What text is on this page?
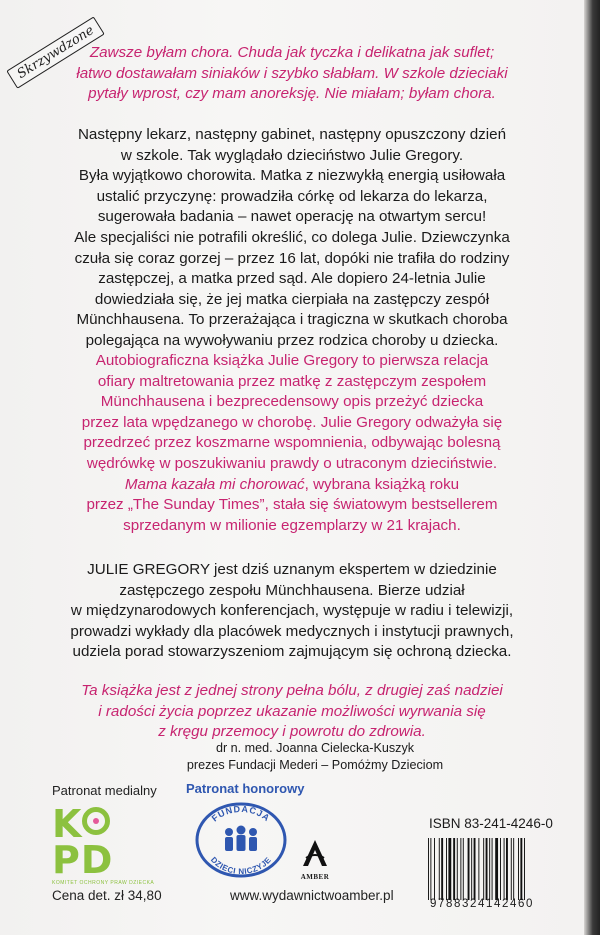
Skrzywdzone

Zawsze byłam chora. Chuda jak tyczka i delikatna jak suflet;
łatwo dostawałam siniaków i szybko słabłam. W szkole dzieciaki
pytały wprost, czy mam anoreksję. Nie miałam; byłam chora.

Następny lekarz, następny gabinet, następny opuszczony dzień
w szkole. Tak wyglądało dzieciństwo Julie Gregory.
Była wyjątkowo chorowita. Matka z niezwykłą energią usiłowała
ustalić przyczynę: prowadziła córkę od lekarza do lekarza,
sugerowała badania – nawet operację na otwartym sercu!
Ale specjaliści nie potrafili określić, co dolega Julie. Dziewczynka
czuła się coraz gorzej – przez 16 lat, dopóki nie trafiła do rodziny
zastępczej, a matka przed sąd. Ale dopiero 24-letnia Julie
dowiedziała się, że jej matka cierpiała na zastępczy zespół
Münchhausena. To przerażająca i tragiczna w skutkach choroba
polegająca na wywoływaniu przez rodzica choroby u dziecka.

Autobiograficzna książka Julie Gregory to pierwsza relacja
ofiary maltretowania przez matkę z zastępczym zespołem
Münchhausena i bezprecedensowy opis przeżyć dziecka
przez lata wpędzanego w chorobę. Julie Gregory odważyła się
przedrzeć przez koszmarne wspomnienia, odbywając bolesną
wędrówkę w poszukiwaniu prawdy o utraconym dzieciństwie.
Mama kazała mi chorować, wybrana książką roku
przez „The Sunday Times”, stała się światowym bestsellerem
sprzedanym w milionie egzemplarzy w 21 krajach.

JULIE GREGORY jest dziś uznanym ekspertem w dziedzinie
zastępczego zespołu Münchhausena. Bierze udział
w międzynarodowych konferencjach, występuje w radiu i telewizji,
prowadzi wykłady dla placówek medycznych i instytucji prawnych,
udziela porad stowarzyszeniom zajmującym się ochroną dziecka.

Ta książka jest z jednej strony pełna bólu, z drugiej zaś nadziei
i radości życia poprzez ukazanie możliwości wyrwania się
z kręgu przemocy i powrotu do zdrowia.

dr n. med. Joanna Cielecka-Kuszyk
prezes Fundacji Mederi – Pomóżmy Dzieciom

Patronat medialny Patronat honorowy

KPD
KOMITET OCHRONY PRAW DZIECKA
FUNDACJA
DZIECI NICZYJE
AMBER

ISBN 83-241-4246-0

9788324142460

Cena det. zł 34,80	www.wydawnictwoamber.pl
